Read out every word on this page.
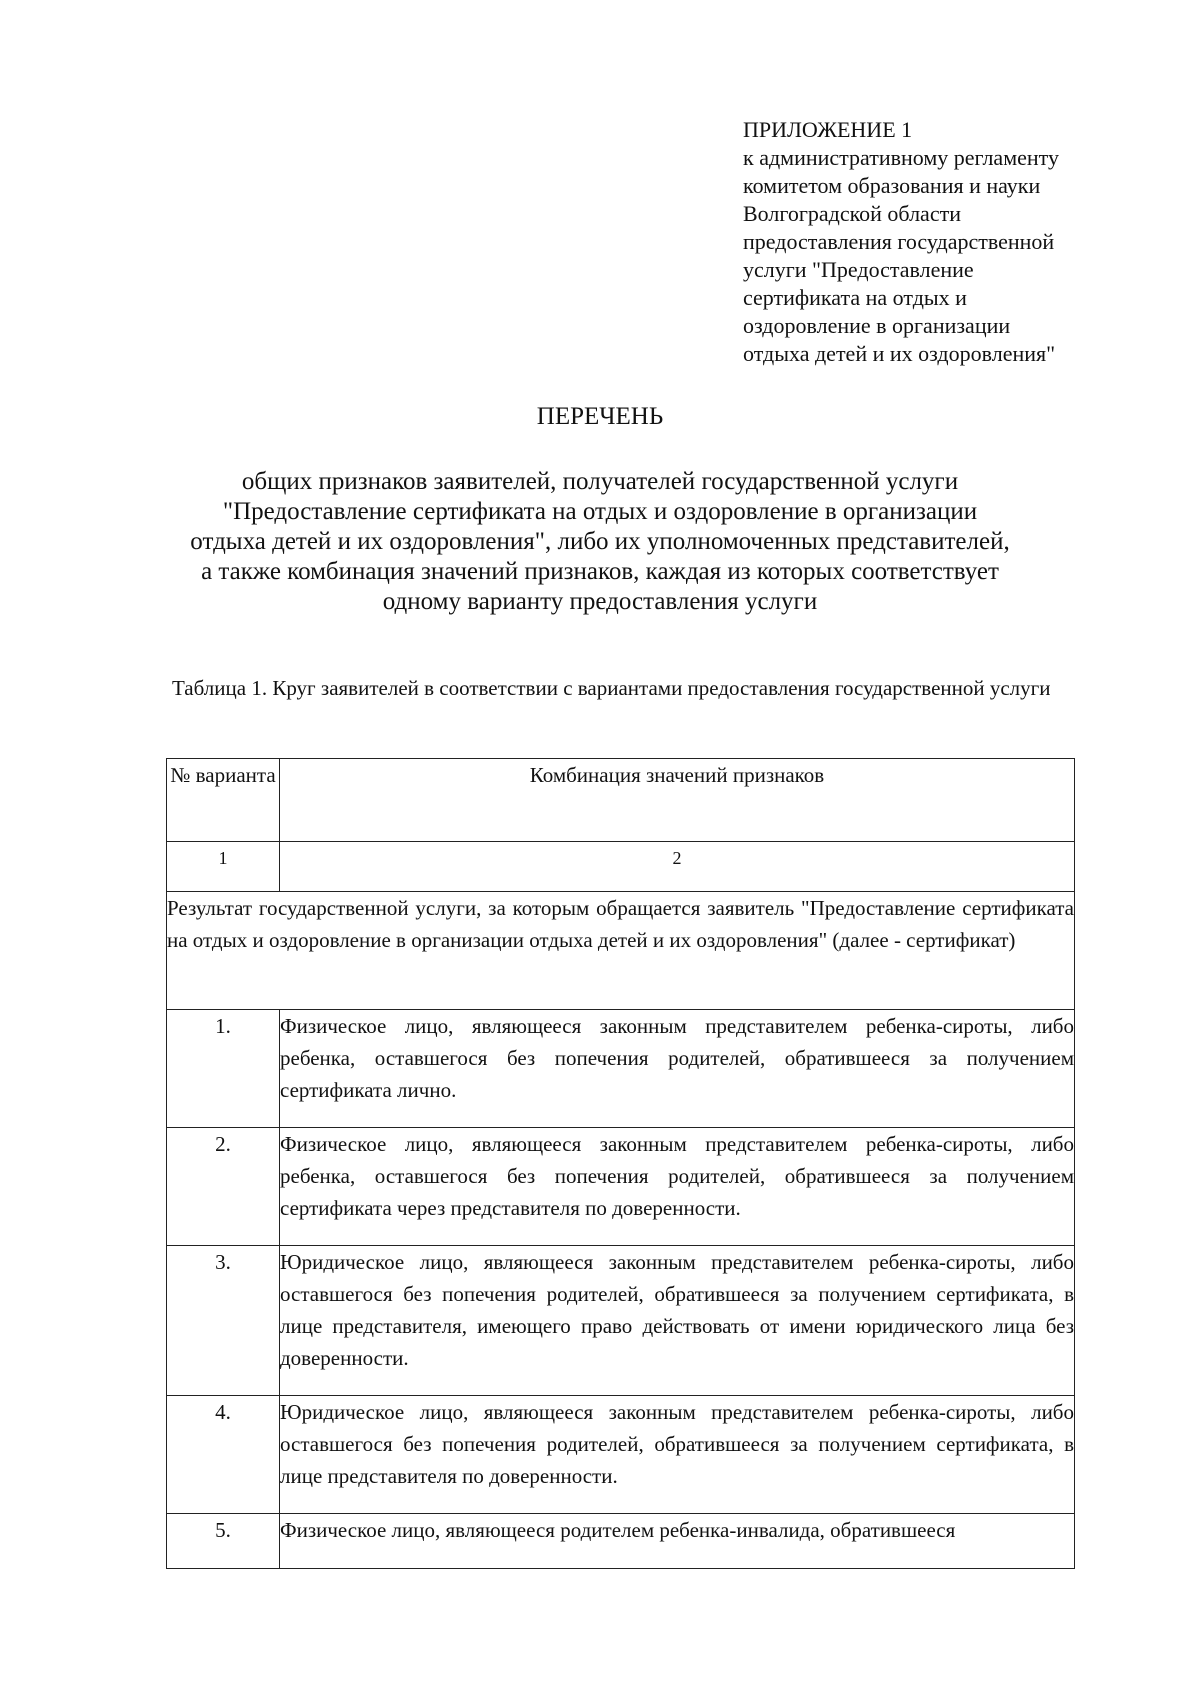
ПРИЛОЖЕНИЕ 1
к административному регламенту
комитетом образования и науки
Волгоградской области
предоставления государственной
услуги "Предоставление
сертификата на отдых и
оздоровление в организации
отдыха детей и их оздоровления"
ПЕРЕЧЕНЬ
общих признаков заявителей, получателей государственной услуги
"Предоставление сертификата на отдых и оздоровление в организации
отдыха детей и их оздоровления", либо их уполномоченных представителей,
а также комбинация значений признаков, каждая из которых соответствует
одному варианту предоставления услуги
Таблица 1. Круг заявителей в соответствии с вариантами предоставления государственной услуги
№ варианта	Комбинация значений признаков
1	2
Результат государственной услуги, за которым обращается заявитель "Предоставление сертификата на отдых и оздоровление в организации отдыха детей и их оздоровления" (далее - сертификат)	
1.	Физическое лицо, являющееся законным представителем ребенка-сироты, либо ребенка, оставшегося без попечения родителей, обратившееся за получением сертификата лично.
2.	Физическое лицо, являющееся законным представителем ребенка-сироты, либо ребенка, оставшегося без попечения родителей, обратившееся за получением сертификата через представителя по доверенности.
3.	Юридическое лицо, являющееся законным представителем ребенка-сироты, либо оставшегося без попечения родителей, обратившееся за получением сертификата, в лице представителя, имеющего право действовать от имени юридического лица без доверенности.
4.	Юридическое лицо, являющееся законным представителем ребенка-сироты, либо оставшегося без попечения родителей, обратившееся за получением сертификата, в лице представителя по доверенности.
5.	Физическое лицо, являющееся родителем ребенка-инвалида, обратившееся
